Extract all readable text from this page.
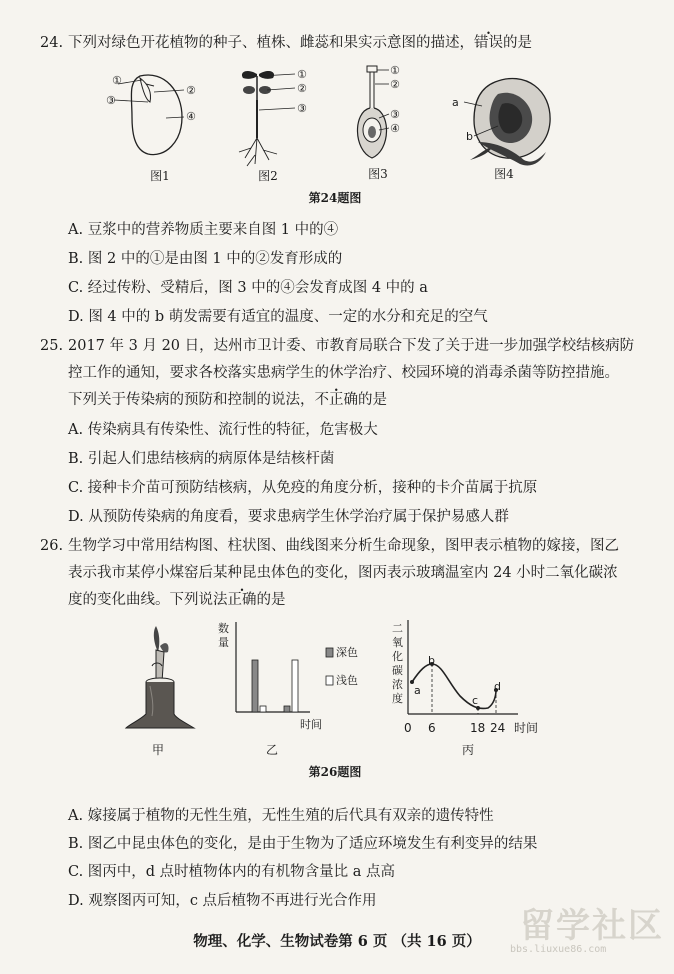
24. 下列对绿色开花植物的种子、植株、雌蕊和果实示意图的描述，错误的是
①
②
③
④
①
②
③
①
②
③
④
a
b
图1	图2	图3	图4
第24题图
A. 豆浆中的营养物质主要来自图 1 中的④
B. 图 2 中的①是由图 1 中的②发育形成的
C. 经过传粉、受精后，图 3 中的④会发育成图 4 中的 a
D. 图 4 中的 b 萌发需要有适宜的温度、一定的水分和充足的空气
25. 2017 年 3 月 20 日，达州市卫计委、市教育局联合下发了关于进一步加强学校结核病防
控工作的通知，要求各校落实患病学生的休学治疗、校园环境的消毒杀菌等防控措施。
下列关于传染病的预防和控制的说法，不正确的是
A. 传染病具有传染性、流行性的特征，危害极大
B. 引起人们患结核病的病原体是结核杆菌
C. 接种卡介苗可预防结核病，从免疫的角度分析，接种的卡介苗属于抗原
D. 从预防传染病的角度看，要求患病学生休学治疗属于保护易感人群
26. 生物学习中常用结构图、柱状图、曲线图来分析生命现象，图甲表示植物的嫁接，图乙
表示我市某停小煤窑后某种昆虫体色的变化，图丙表示玻璃温室内 24 小时二氧化碳浓
度的变化曲线。下列说法正确的是
甲
数量
时间
深色
浅色
乙
二氧化碳浓度
a
b
c
d
0 6	18 24 时间
丙
第26题图
A. 嫁接属于植物的无性生殖，无性生殖的后代具有双亲的遗传特性
B. 图乙中昆虫体色的变化，是由于生物为了适应环境发生有利变异的结果
C. 图丙中，d 点时植物体内的有机物含量比 a 点高
D. 观察图丙可知，c 点后植物不再进行光合作用
物理、化学、生物试卷第 6 页 （共 16 页）	留学社区
bbs.liuxue86.com
